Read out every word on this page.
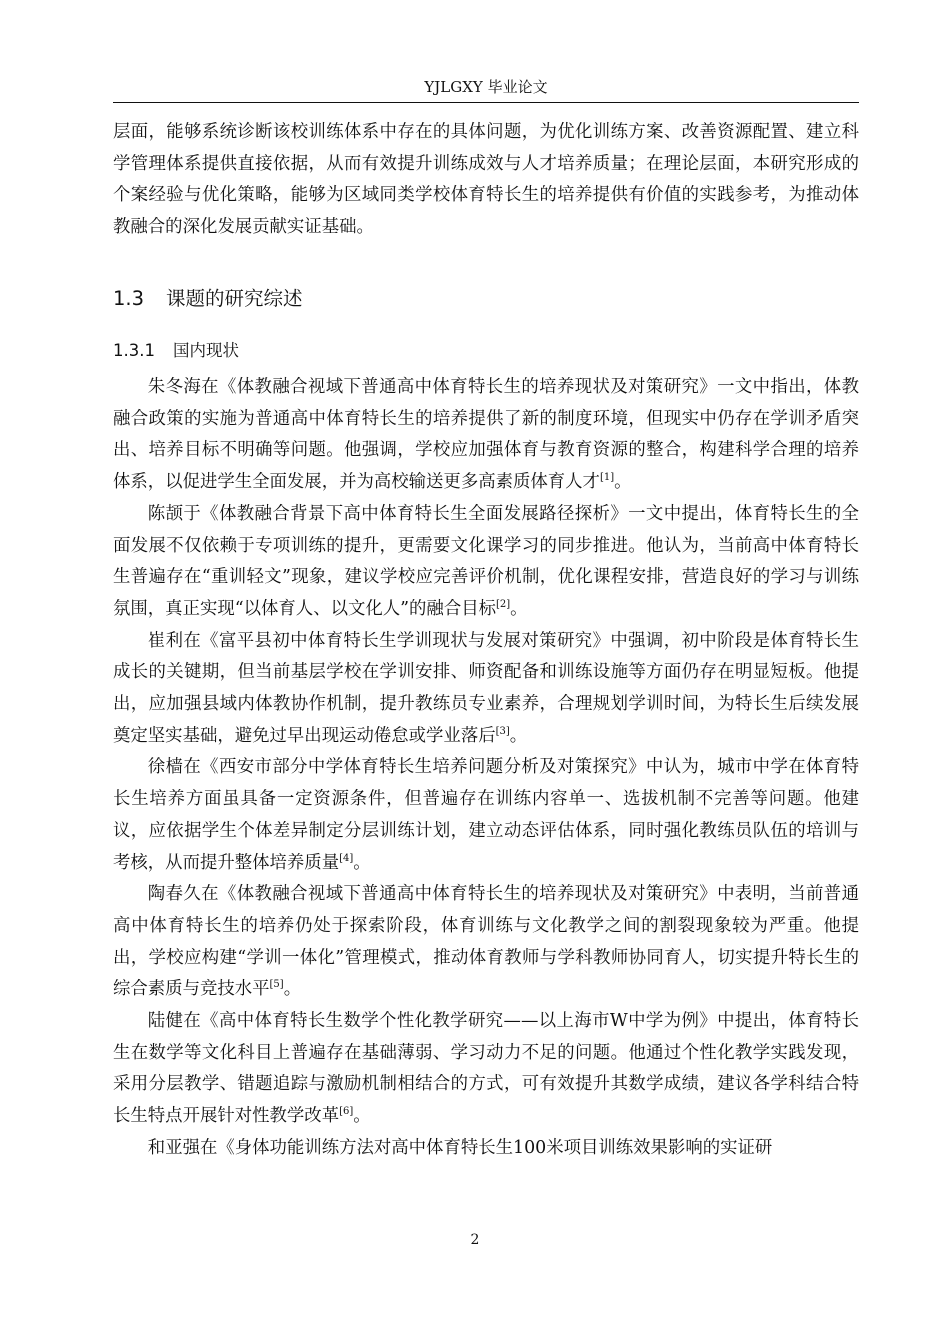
YJLGXY 毕业论文

层面，能够系统诊断该校训练体系中存在的具体问题，为优化训练方案、改善资源配置、建立科学管理体系提供直接依据，从而有效提升训练成效与人才培养质量；在理论层面，本研究形成的个案经验与优化策略，能够为区域同类学校体育特长生的培养提供有价值的实践参考，为推动体教融合的深化发展贡献实证基础。

1.3 课题的研究综述
1.3.1 国内现状

朱冬海在《体教融合视域下普通高中体育特长生的培养现状及对策研究》一文中指出，体教融合政策的实施为普通高中体育特长生的培养提供了新的制度环境，但现实中仍存在学训矛盾突出、培养目标不明确等问题。他强调，学校应加强体育与教育资源的整合，构建科学合理的培养体系，以促进学生全面发展，并为高校输送更多高素质体育人才[1]。

陈颉于《体教融合背景下高中体育特长生全面发展路径探析》一文中提出，体育特长生的全面发展不仅依赖于专项训练的提升，更需要文化课学习的同步推进。他认为，当前高中体育特长生普遍存在“重训轻文”现象，建议学校应完善评价机制，优化课程安排，营造良好的学习与训练氛围，真正实现“以体育人、以文化人”的融合目标[2]。

崔利在《富平县初中体育特长生学训现状与发展对策研究》中强调，初中阶段是体育特长生成长的关键期，但当前基层学校在学训安排、师资配备和训练设施等方面仍存在明显短板。他提出，应加强县域内体教协作机制，提升教练员专业素养，合理规划学训时间，为特长生后续发展奠定坚实基础，避免过早出现运动倦怠或学业落后[3]。

徐樯在《西安市部分中学体育特长生培养问题分析及对策探究》中认为，城市中学在体育特长生培养方面虽具备一定资源条件，但普遍存在训练内容单一、选拔机制不完善等问题。他建议，应依据学生个体差异制定分层训练计划，建立动态评估体系，同时强化教练员队伍的培训与考核，从而提升整体培养质量[4]。

陶春久在《体教融合视域下普通高中体育特长生的培养现状及对策研究》中表明，当前普通高中体育特长生的培养仍处于探索阶段，体育训练与文化教学之间的割裂现象较为严重。他提出，学校应构建“学训一体化”管理模式，推动体育教师与学科教师协同育人，切实提升特长生的综合素质与竞技水平[5]。

陆健在《高中体育特长生数学个性化教学研究——以上海市W中学为例》中提出，体育特长生在数学等文化科目上普遍存在基础薄弱、学习动力不足的问题。他通过个性化教学实践发现，采用分层教学、错题追踪与激励机制相结合的方式，可有效提升其数学成绩，建议各学科结合特长生特点开展针对性教学改革[6]。

和亚强在《身体功能训练方法对高中体育特长生100米项目训练效果影响的实证研

2
